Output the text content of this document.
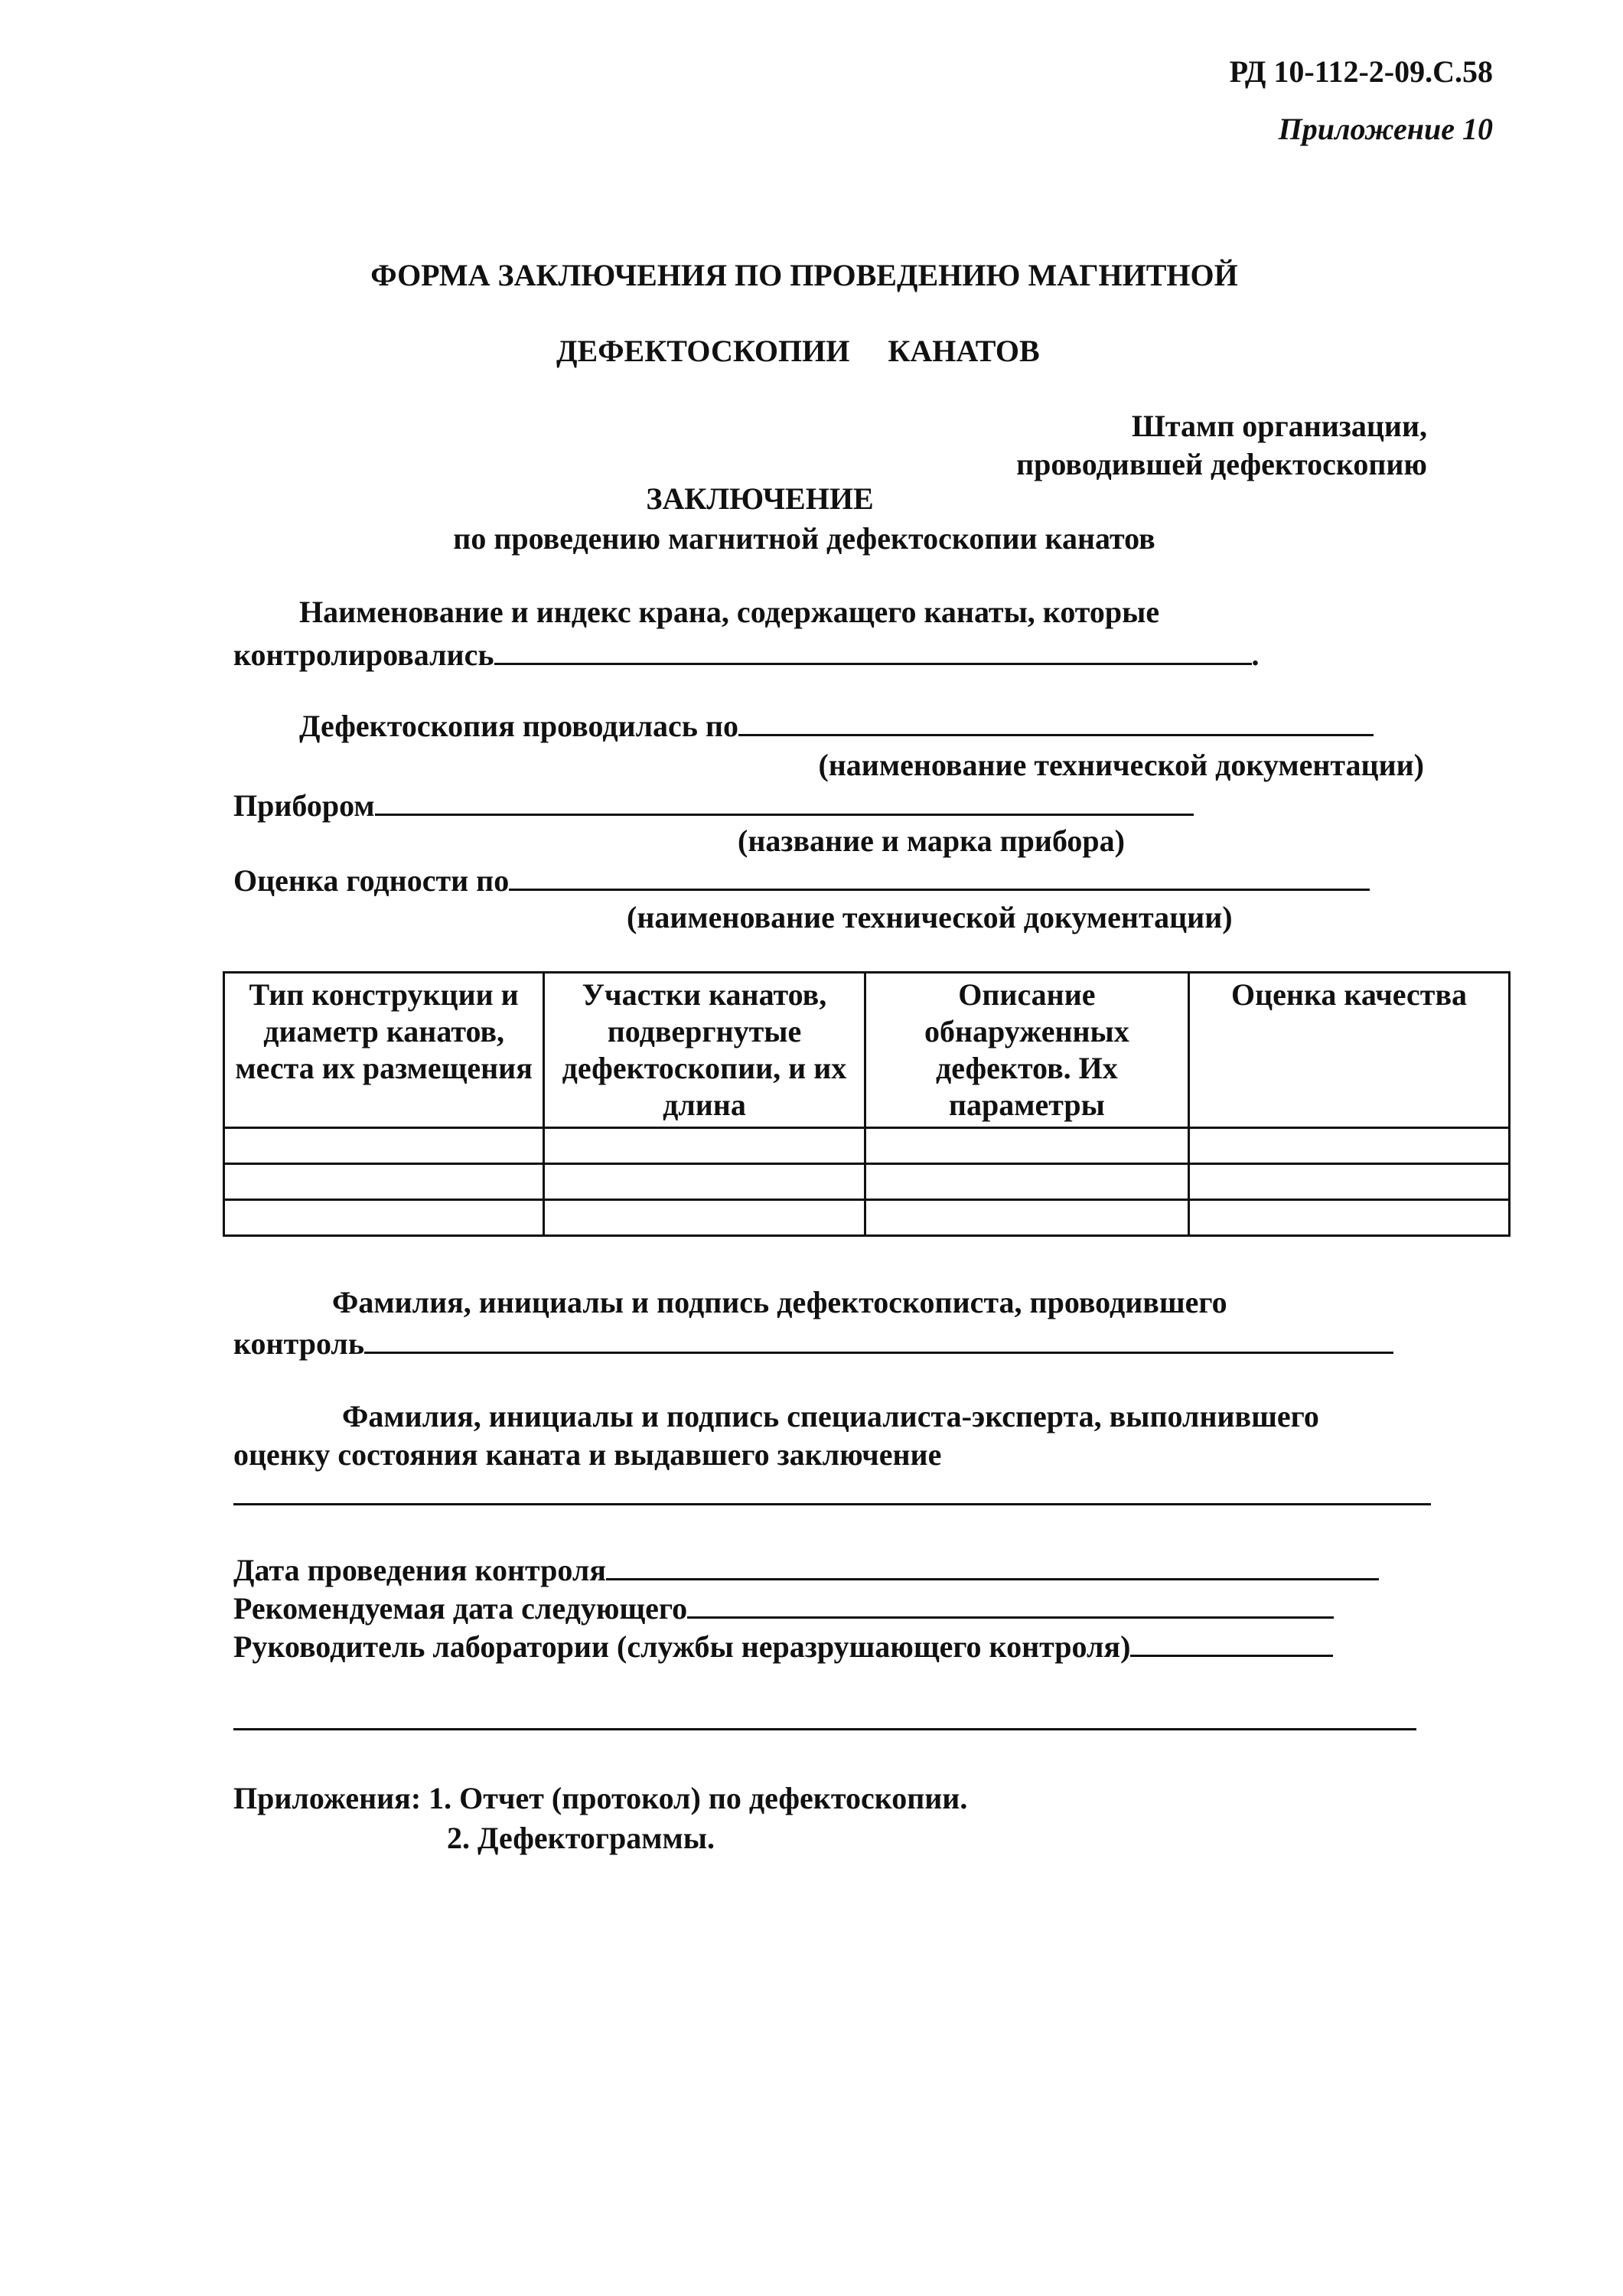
РД 10-112-2-09.С.58
Приложение 10
ФОРМА ЗАКЛЮЧЕНИЯ ПО ПРОВЕДЕНИЮ МАГНИТНОЙ
ДЕФЕКТОСКОПИИ     КАНАТОВ
Штамп организации,
проводившей дефектоскопию
ЗАКЛЮЧЕНИЕ
по проведению магнитной дефектоскопии канатов
Наименование и индекс крана, содержащего канаты, которые
контролировались	.
Дефектоскопия проводилась по
(наименование технической документации)
Прибором
(название и марка прибора)
Оценка годности по
(наименование технической документации)
Тип конструкции и диаметр канатов, места их размещения	Участки канатов, подвергнутые дефектоскопии, и их длина	Описание обнаруженных дефектов. Их параметры	Оценка качества

Фамилия, инициалы и подпись дефектоскописта, проводившего
контроль
Фамилия, инициалы и подпись специалиста-эксперта, выполнившего
оценку состояния каната и выдавшего заключение
Дата проведения контроля
Рекомендуемая дата следующего
Руководитель лаборатории (службы неразрушающего контроля)
Приложения: 1. Отчет (протокол) по дефектоскопии.
2. Дефектограммы.
